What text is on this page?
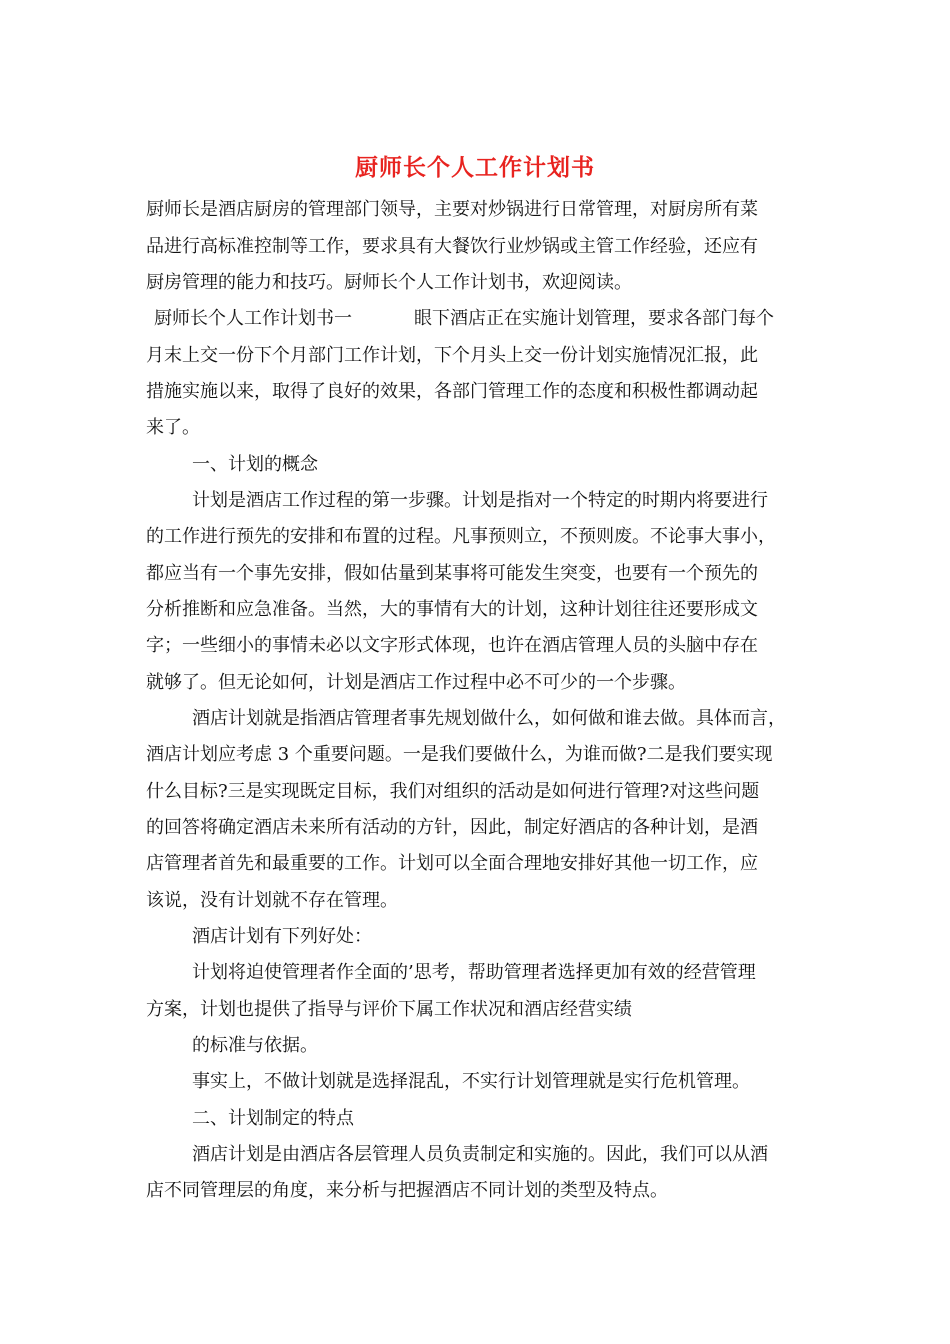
厨师长个人工作计划书

厨师长是酒店厨房的管理部门领导，主要对炒锅进行日常管理，对厨房所有菜

品进行高标准控制等工作，要求具有大餐饮行业炒锅或主管工作经验，还应有

厨房管理的能力和技巧。厨师长个人工作计划书，欢迎阅读。

厨师长个人工作计划书一	眼下酒店正在实施计划管理，要求各部门每个

月末上交一份下个月部门工作计划，下个月头上交一份计划实施情况汇报，此

措施实施以来，取得了良好的效果，各部门管理工作的态度和积极性都调动起

来了。

一、计划的概念

计划是酒店工作过程的第一步骤。计划是指对一个特定的时期内将要进行

的工作进行预先的安排和布置的过程。凡事预则立，不预则废。不论事大事小，

都应当有一个事先安排，假如估量到某事将可能发生突变，也要有一个预先的

分析推断和应急准备。当然，大的事情有大的计划，这种计划往往还要形成文

字；一些细小的事情未必以文字形式体现，也许在酒店管理人员的头脑中存在

就够了。但无论如何，计划是酒店工作过程中必不可少的一个步骤。

酒店计划就是指酒店管理者事先规划做什么，如何做和谁去做。具体而言，

酒店计划应考虑 3 个重要问题。一是我们要做什么，为谁而做?二是我们要实现

什么目标?三是实现既定目标，我们对组织的活动是如何进行管理?对这些问题

的回答将确定酒店未来所有活动的方针，因此，制定好酒店的各种计划，是酒

店管理者首先和最重要的工作。计划可以全面合理地安排好其他一切工作，应

该说，没有计划就不存在管理。

酒店计划有下列好处：

计划将迫使管理者作全面的’思考，帮助管理者选择更加有效的经营管理

方案，计划也提供了指导与评价下属工作状况和酒店经营实绩

的标准与依据。

事实上，不做计划就是选择混乱，不实行计划管理就是实行危机管理。

二、计划制定的特点

酒店计划是由酒店各层管理人员负责制定和实施的。因此，我们可以从酒

店不同管理层的角度，来分析与把握酒店不同计划的类型及特点。
